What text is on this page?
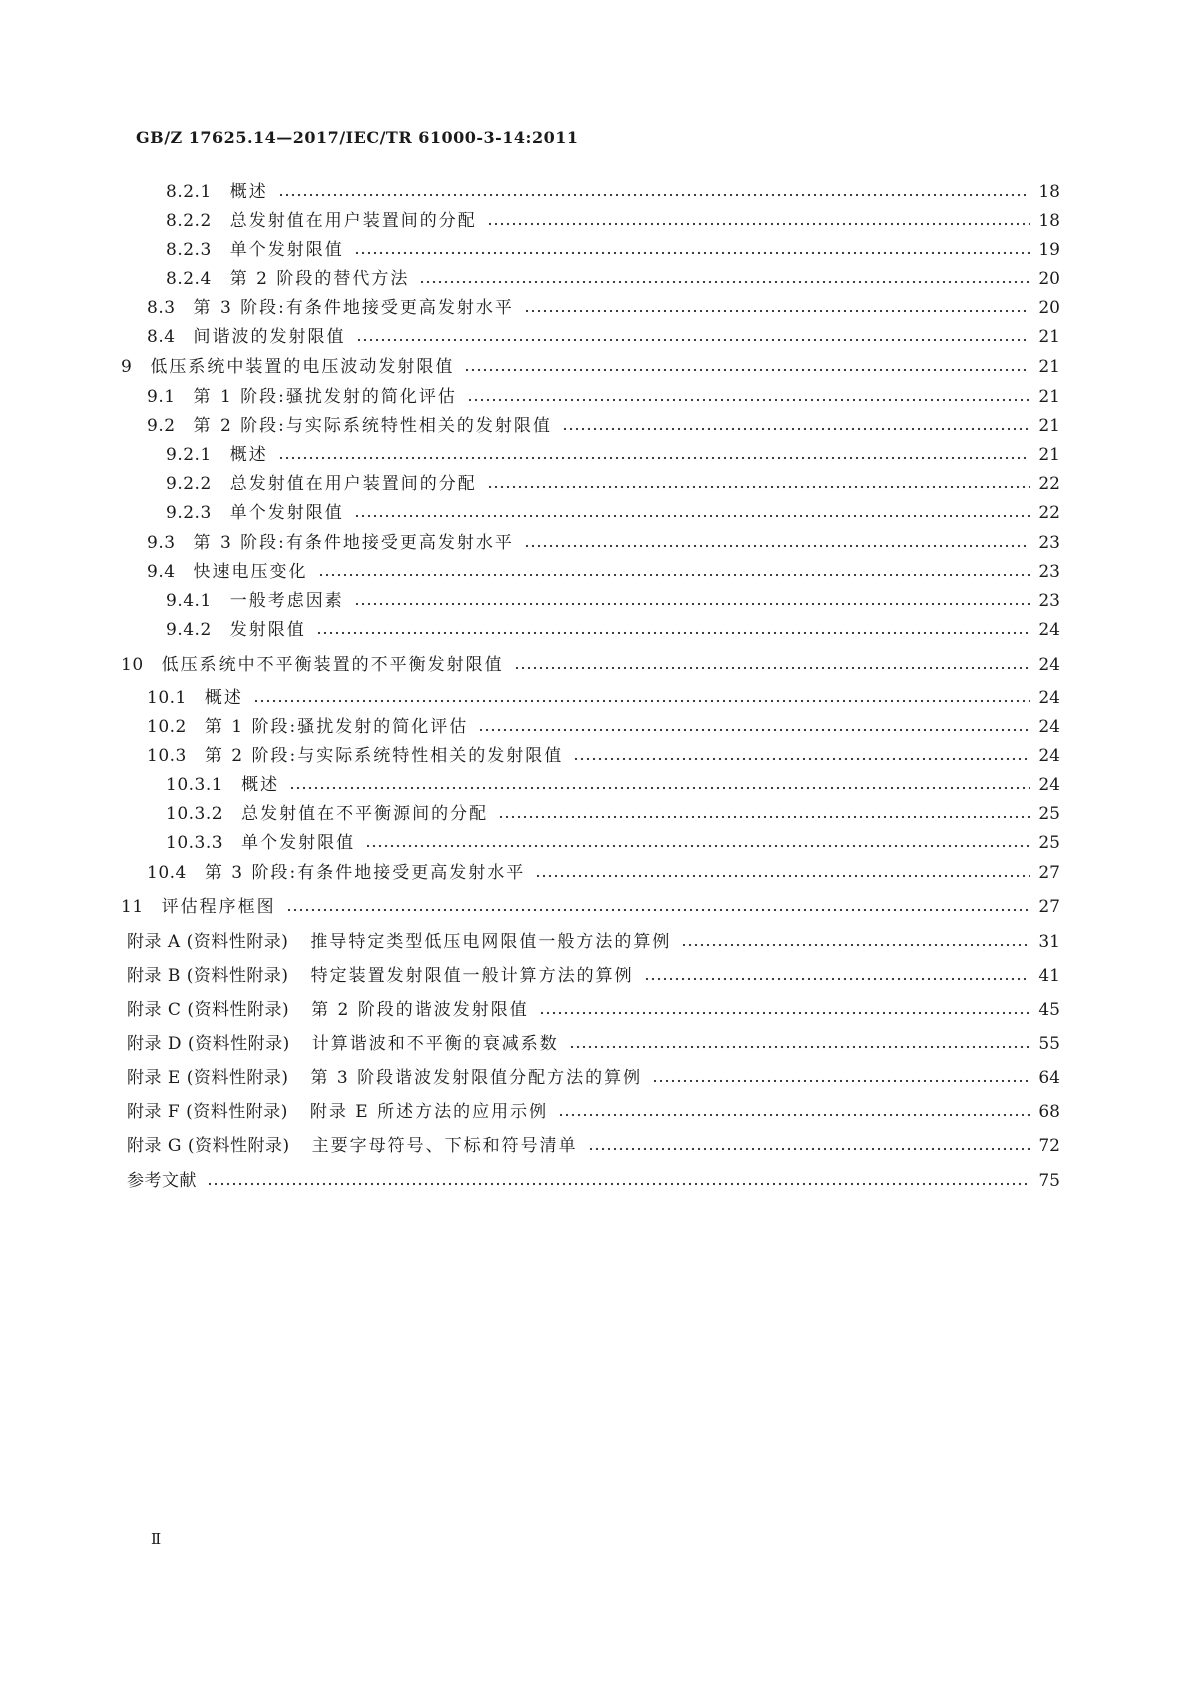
GB/Z 17625.14—2017/IEC/TR 61000-3-14:2011
8.2.1 概述	18
8.2.2 总发射值在用户装置间的分配	18
8.2.3 单个发射限值	19
8.2.4 第 2 阶段的替代方法	20
8.3 第 3 阶段:有条件地接受更高发射水平	20
8.4 间谐波的发射限值	21
9 低压系统中装置的电压波动发射限值	21
9.1 第 1 阶段:骚扰发射的简化评估	21
9.2 第 2 阶段:与实际系统特性相关的发射限值	21
9.2.1 概述	21
9.2.2 总发射值在用户装置间的分配	22
9.2.3 单个发射限值	22
9.3 第 3 阶段:有条件地接受更高发射水平	23
9.4 快速电压变化	23
9.4.1 一般考虑因素	23
9.4.2 发射限值	24
10 低压系统中不平衡装置的不平衡发射限值	24
10.1 概述	24
10.2 第 1 阶段:骚扰发射的简化评估	24
10.3 第 2 阶段:与实际系统特性相关的发射限值	24
10.3.1 概述	24
10.3.2 总发射值在不平衡源间的分配	25
10.3.3 单个发射限值	25
10.4 第 3 阶段:有条件地接受更高发射水平	27
11 评估程序框图	27
附录 A (资料性附录) 推导特定类型低压电网限值一般方法的算例	31
附录 B (资料性附录) 特定装置发射限值一般计算方法的算例	41
附录 C (资料性附录) 第 2 阶段的谐波发射限值	45
附录 D (资料性附录) 计算谐波和不平衡的衰减系数	55
附录 E (资料性附录) 第 3 阶段谐波发射限值分配方法的算例	64
附录 F (资料性附录) 附录 E 所述方法的应用示例	68
附录 G (资料性附录) 主要字母符号、下标和符号清单	72
参考文献	75
Ⅱ
